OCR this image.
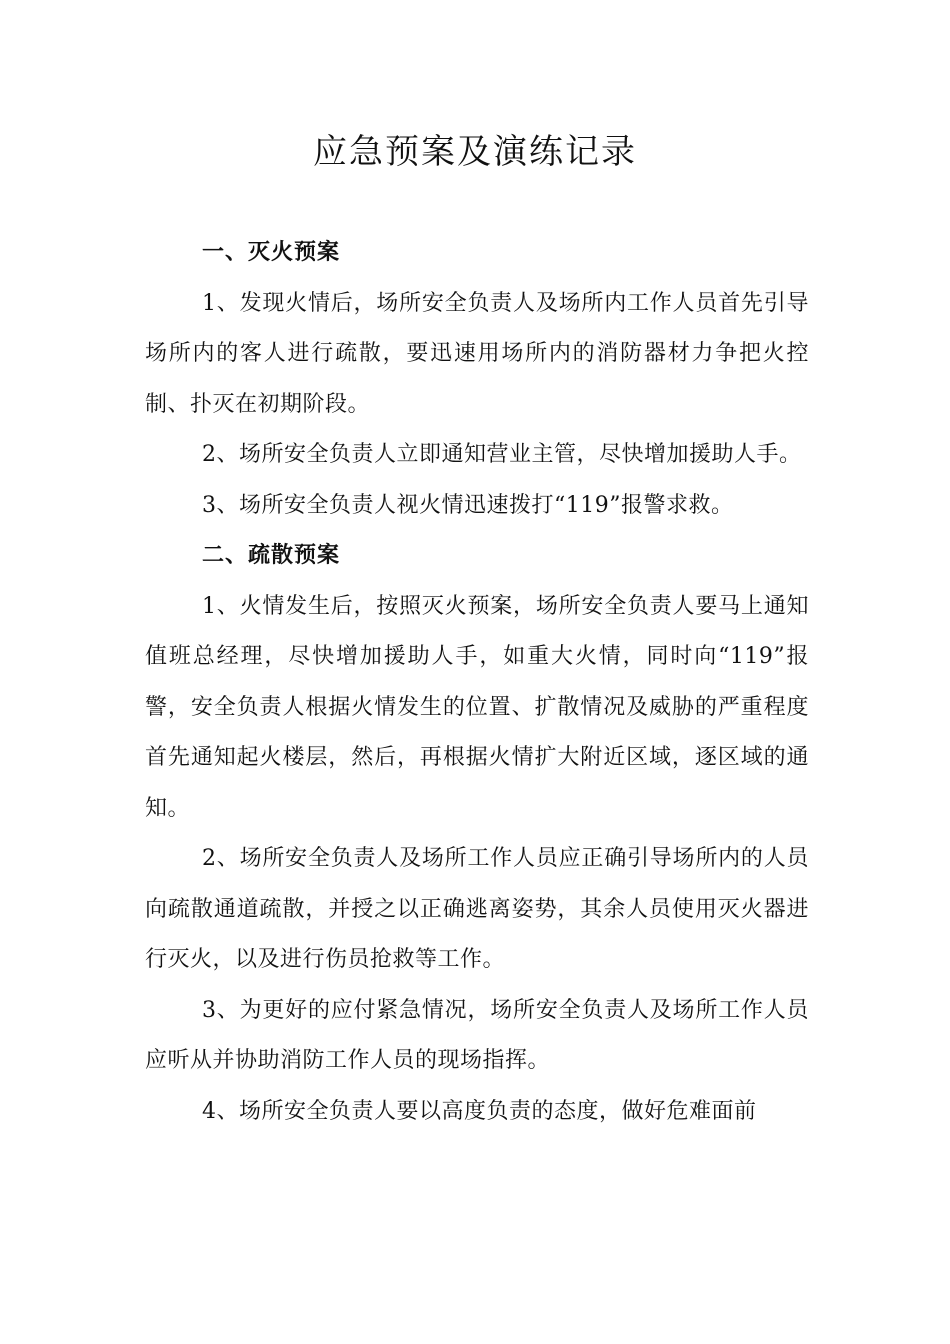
应急预案及演练记录

一、灭火预案

1、发现火情后，场所安全负责人及场所内工作人员首先引导场所内的客人进行疏散，要迅速用场所内的消防器材力争把火控制、扑灭在初期阶段。

2、场所安全负责人立即通知营业主管，尽快增加援助人手。

3、场所安全负责人视火情迅速拨打“119”报警求救。

二、疏散预案

1、火情发生后，按照灭火预案，场所安全负责人要马上通知值班总经理，尽快增加援助人手，如重大火情，同时向“119”报警，安全负责人根据火情发生的位置、扩散情况及威胁的严重程度首先通知起火楼层，然后，再根据火情扩大附近区域，逐区域的通知。

2、场所安全负责人及场所工作人员应正确引导场所内的人员向疏散通道疏散，并授之以正确逃离姿势，其余人员使用灭火器进行灭火，以及进行伤员抢救等工作。

3、为更好的应付紧急情况，场所安全负责人及场所工作人员应听从并协助消防工作人员的现场指挥。

4、场所安全负责人要以高度负责的态度，做好危难面前
